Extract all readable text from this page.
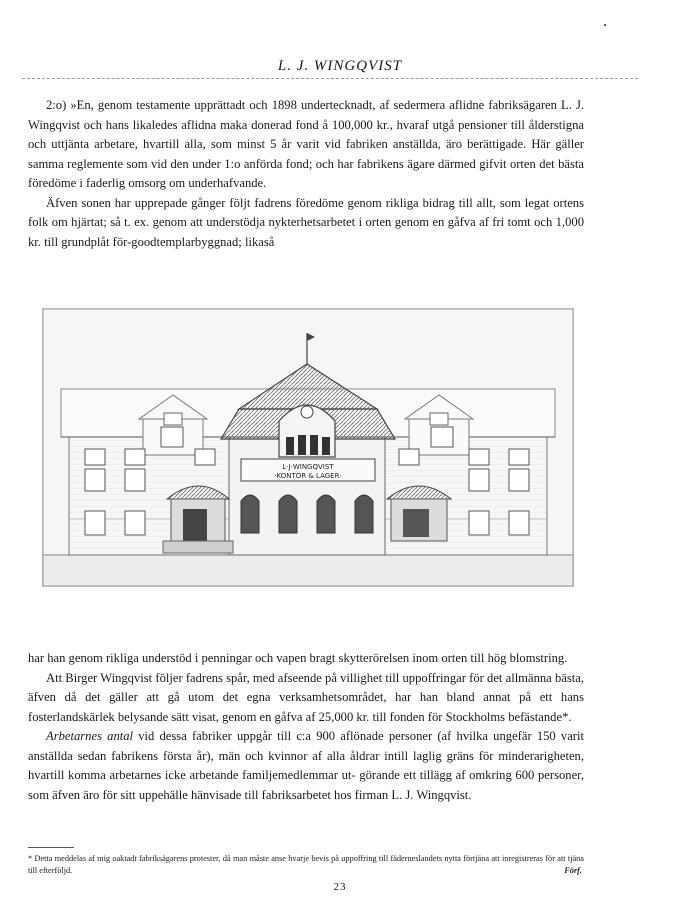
L. J. WINGQVIST

2:o) »En, genom testamente upprättadt och 1898 undertecknadt, af sedermera aflidne fabriksägaren L. J. Wingqvist och hans likaledes aflidna maka donerad fond å 100,000 kr., hvaraf utgå pensioner till ålderstigna och uttjänta arbetare, hvartill alla, som minst 5 år varit vid fabriken anställda, äro berättigade. Här gäller samma reglemente som vid den under 1:o anförda fond; och har fabrikens ägare därmed gifvit orten det bästa föredöme i faderlig omsorg om underhafvande.

Äfven sonen har upprepade gånger följt fadrens föredöme genom rikliga bidrag till allt, som legat ortens folk om hjärtat; så t. ex. genom att understödja nykterhetsarbetet i orten genom en gåfva af fri tomt och 1,000 kr. till grundplåt för-goodtemplarbyggnad; likaså

L·J·WINGQVIST
·KONTOR & LAGER·

har han genom rikliga understöd i penningar och vapen bragt skytterörelsen inom orten till hög blomstring.

Att Birger Wingqvist följer fadrens spår, med afseende på villighet till uppoffringar för det allmänna bästa, äfven då det gäller att gå utom det egna verksamhetsområdet, har han bland annat på ett hans fosterlandskärlek belysande sätt visat, genom en gåfva af 25,000 kr. till fonden för Stockholms befästande*.

Arbetarnes antal vid dessa fabriker uppgår till c:a 900 aflönade personer (af hvilka ungefär 150 varit anställda sedan fabrikens första år), män och kvinnor af alla åldrar intill laglig gräns för minderarigheten, hvartill komma arbetarnes icke arbetande familjemedlemmar ut- görande ett tillägg af omkring 600 personer, som äfven äro för sitt uppehälle hänvisade till fabriksarbetet hos firman L. J. Wingqvist.

* Detta meddelas af mig oaktadt fabriksägarens protester, då man måste anse hvarje bevis på uppoffring till fäderneslandets nytta förtjäna att inregistreras för att tjäna till efterföljd.	Förf.
23
